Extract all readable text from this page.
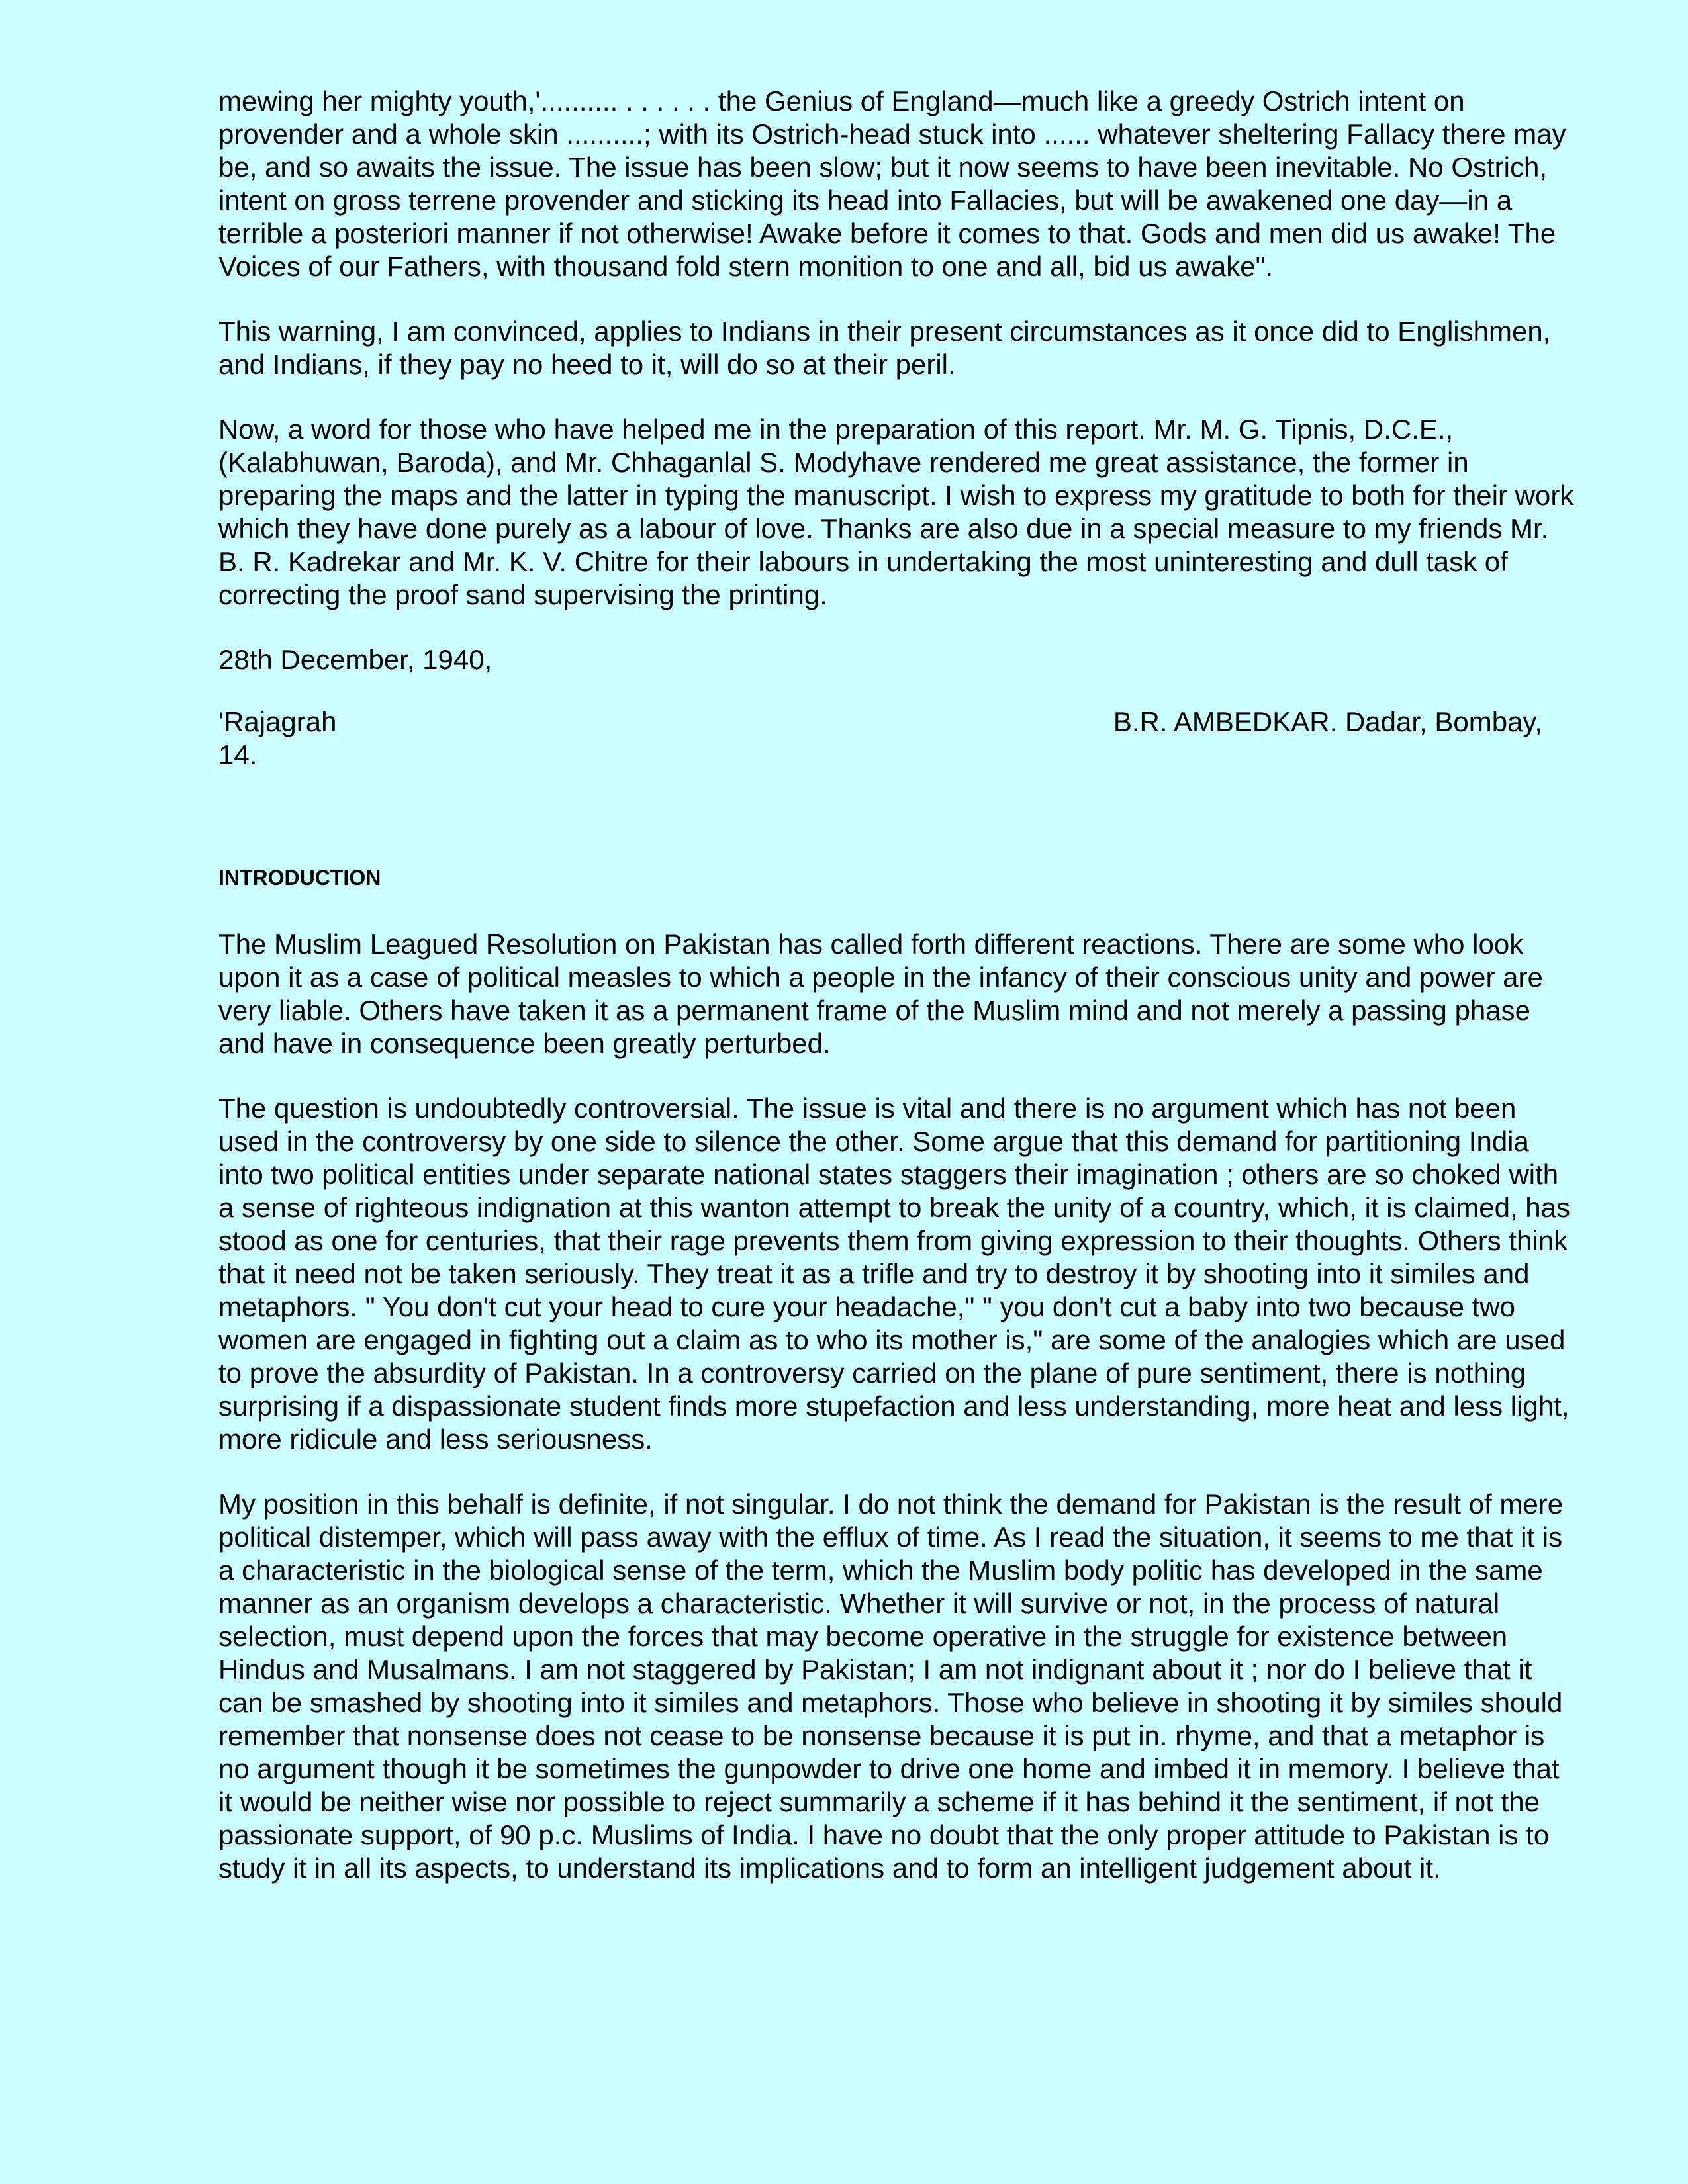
mewing her mighty youth,'.......... . . . . . . the Genius of England—much like a greedy Ostrich intent on provender and a whole skin ..........; with its Ostrich-head stuck into ...... whatever sheltering Fallacy there may be, and so awaits the issue. The issue has been slow; but it now seems to have been inevitable. No Ostrich, intent on gross terrene provender and sticking its head into Fallacies, but will be awakened one day—in a terrible a posteriori manner if not otherwise! Awake before it comes to that. Gods and men did us awake! The Voices of our Fathers, with thousand fold stern monition to one and all, bid us awake".

This warning, I am convinced, applies to Indians in their present circumstances as it once did to Englishmen, and Indians, if they pay no heed to it, will do so at their peril.

Now, a word for those who have helped me in the preparation of this report. Mr. M. G. Tipnis, D.C.E., (Kalabhuwan, Baroda), and Mr. Chhaganlal S. Modyhave rendered me great assistance, the former in preparing the maps and the latter in typing the manuscript. I wish to express my gratitude to both for their work which they have done purely as a labour of love. Thanks are also due in a special measure to my friends Mr. B. R. Kadrekar and Mr. K. V. Chitre for their labours in undertaking the most uninteresting and dull task of correcting the proof sand supervising the printing.

28th December, 1940,

'Rajagrah	B.R. AMBEDKAR. Dadar, Bombay,
14.
INTRODUCTION

The Muslim Leagued Resolution on Pakistan has called forth different reactions. There are some who look upon it as a case of political measles to which a people in the infancy of their conscious unity and power are very liable. Others have taken it as a permanent frame of the Muslim mind and not merely a passing phase and have in consequence been greatly perturbed.

The question is undoubtedly controversial. The issue is vital and there is no argument which has not been used in the controversy by one side to silence the other. Some argue that this demand for partitioning India into two political entities under separate national states staggers their imagination ; others are so choked with a sense of righteous indignation at this wanton attempt to break the unity of a country, which, it is claimed, has stood as one for centuries, that their rage prevents them from giving expression to their thoughts. Others think that it need not be taken seriously. They treat it as a trifle and try to destroy it by shooting into it similes and metaphors. " You don't cut your head to cure your headache," " you don't cut a baby into two because two women are engaged in fighting out a claim as to who its mother is," are some of the analogies which are used to prove the absurdity of Pakistan. In a controversy carried on the plane of pure sentiment, there is nothing surprising if a dispassionate student finds more stupefaction and less understanding, more heat and less light, more ridicule and less seriousness.

My position in this behalf is definite, if not singular. I do not think the demand for Pakistan is the result of mere political distemper, which will pass away with the efflux of time. As I read the situation, it seems to me that it is a characteristic in the biological sense of the term, which the Muslim body politic has developed in the same manner as an organism develops a characteristic. Whether it will survive or not, in the process of natural selection, must depend upon the forces that may become operative in the struggle for existence between Hindus and Musalmans. I am not staggered by Pakistan; I am not indignant about it ; nor do I believe that it can be smashed by shooting into it similes and metaphors. Those who believe in shooting it by similes should remember that nonsense does not cease to be nonsense because it is put in. rhyme, and that a metaphor is no argument though it be sometimes the gunpowder to drive one home and imbed it in memory. I believe that it would be neither wise nor possible to reject summarily a scheme if it has behind it the sentiment, if not the passionate support, of 90 p.c. Muslims of India. I have no doubt that the only proper attitude to Pakistan is to study it in all its aspects, to understand its implications and to form an intelligent judgement about it.
